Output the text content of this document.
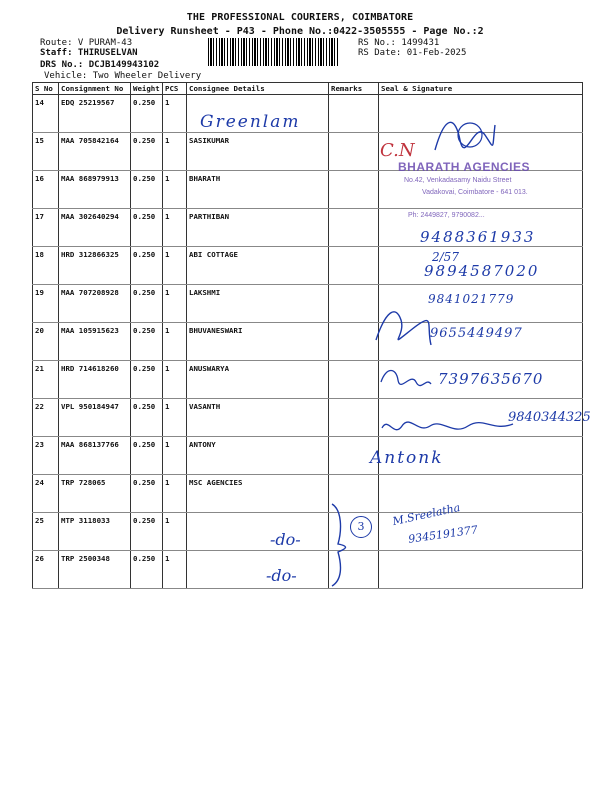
THE PROFESSIONAL COURIERS, COIMBATORE
Delivery Runsheet - P43 - Phone No.:0422-3505555 - Page No.:2
Route: V PURAM-43
Staff: THIRUSELVAN
DRS No.: DCJB149943102
Vehicle: Two Wheeler Delivery
RS No.: 1499431
RS Date: 01-Feb-2025
S No	Consignment No	Weight	PCS	Consignee Details	Remarks	Seal & Signature
14	EDQ 25219567	0.250	1			
15	MAA 705842164	0.250	1	SASIKUMAR		
16	MAA 868979913	0.250	1	BHARATH		
17	MAA 302640294	0.250	1	PARTHIBAN		
18	HRD 312866325	0.250	1	ABI COTTAGE		
19	MAA 707208928	0.250	1	LAKSHMI		
20	MAA 105915623	0.250	1	BHUVANESWARI		
21	HRD 714618260	0.250	1	ANUSWARYA		
22	VPL 950184947	0.250	1	VASANTH		
23	MAA 868137766	0.250	1	ANTONY		
24	TRP 728065	0.250	1	MSC AGENCIES		
25	MTP 3118033	0.250	1			
26	TRP 2500348	0.250	1			
Greenlam
C.N
BHARATH AGENCIES
No.42, Venkadasamy Naidu Street
Vadakovai, Coimbatore - 641 013.
Ph: 2449827, 9790082...
9488361933
2/57
9894587020
9841021779
9655449497
7397635670
9840344325
Antonk
-do-
-do-
3	M.Sreelatha
9345191377
